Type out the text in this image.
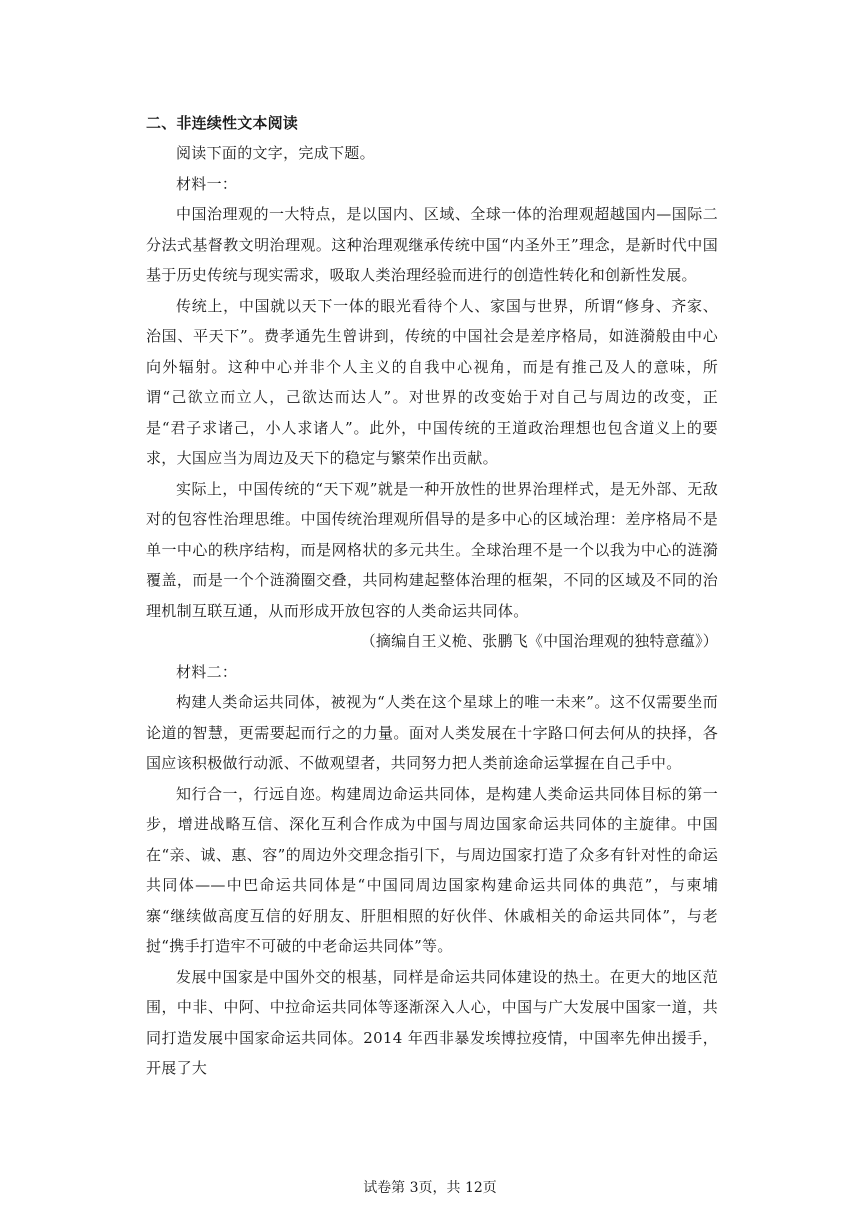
二、非连续性文本阅读

阅读下面的文字，完成下题。

材料一：

中国治理观的一大特点，是以国内、区域、全球一体的治理观超越国内—国际二分法式基督教文明治理观。这种治理观继承传统中国“内圣外王”理念，是新时代中国基于历史传统与现实需求，吸取人类治理经验而进行的创造性转化和创新性发展。

传统上，中国就以天下一体的眼光看待个人、家国与世界，所谓“修身、齐家、治国、平天下”。费孝通先生曾讲到，传统的中国社会是差序格局，如涟漪般由中心向外辐射。这种中心并非个人主义的自我中心视角，而是有推己及人的意味，所谓“己欲立而立人，己欲达而达人”。对世界的改变始于对自己与周边的改变，正是“君子求诸己，小人求诸人”。此外，中国传统的王道政治理想也包含道义上的要求，大国应当为周边及天下的稳定与繁荣作出贡献。

实际上，中国传统的“天下观”就是一种开放性的世界治理样式，是无外部、无敌对的包容性治理思维。中国传统治理观所倡导的是多中心的区域治理：差序格局不是单一中心的秩序结构，而是网格状的多元共生。全球治理不是一个以我为中心的涟漪覆盖，而是一个个涟漪圈交叠，共同构建起整体治理的框架，不同的区域及不同的治理机制互联互通，从而形成开放包容的人类命运共同体。

（摘编自王义桅、张鹏飞《中国治理观的独特意蕴》）

材料二：

构建人类命运共同体，被视为“人类在这个星球上的唯一未来”。这不仅需要坐而论道的智慧，更需要起而行之的力量。面对人类发展在十字路口何去何从的抉择，各国应该积极做行动派、不做观望者，共同努力把人类前途命运掌握在自己手中。

知行合一，行远自迩。构建周边命运共同体，是构建人类命运共同体目标的第一步，增进战略互信、深化互利合作成为中国与周边国家命运共同体的主旋律。中国在“亲、诚、惠、容”的周边外交理念指引下，与周边国家打造了众多有针对性的命运共同体——中巴命运共同体是“中国同周边国家构建命运共同体的典范”，与柬埔寨“继续做高度互信的好朋友、肝胆相照的好伙伴、休戚相关的命运共同体”，与老挝“携手打造牢不可破的中老命运共同体”等。

发展中国家是中国外交的根基，同样是命运共同体建设的热土。在更大的地区范围，中非、中阿、中拉命运共同体等逐渐深入人心，中国与广大发展中国家一道，共同打造发展中国家命运共同体。2014 年西非暴发埃博拉疫情，中国率先伸出援手，开展了大

试卷第 3页，共 12页
